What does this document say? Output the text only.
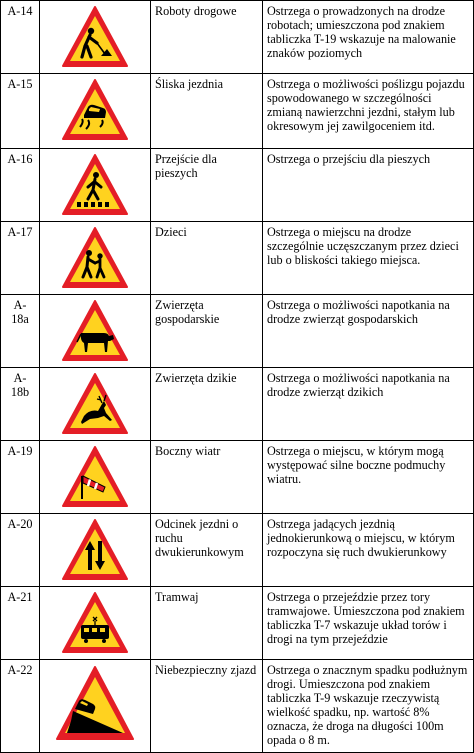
A-14		Roboty drogowe	Ostrzega o prowadzonych na drodze robotach; umieszczona pod znakiem tabliczka T-19 wskazuje na malowanie znaków poziomych
A-15		Śliska jezdnia	Ostrzega o możliwości poślizgu pojazdu spowodowanego w szczególności zmianą nawierzchni jezdni, stałym lub okresowym jej zawilgoceniem itd.
A-16		Przejście dla pieszych	Ostrzega o przejściu dla pieszych
A-17		Dzieci	Ostrzega o miejscu na drodze szczególnie uczęszczanym przez dzieci lub o bliskości takiego miejsca.
A-18a		Zwierzęta gospodarskie	Ostrzega o możliwości napotkania na drodze zwierząt gospodarskich
A-18b		Zwierzęta dzikie	Ostrzega o możliwości napotkania na drodze zwierząt dzikich
A-19		Boczny wiatr	Ostrzega o miejscu, w którym mogą występować silne boczne podmuchy wiatru.
A-20		Odcinek jezdni o ruchu dwukierunkowym	Ostrzega jadących jezdnią jednokierunkową o miejscu, w którym rozpoczyna się ruch dwukierunkowy
A-21		Tramwaj	Ostrzega o przejeździe przez tory tramwajowe. Umieszczona pod znakiem tabliczka T-7 wskazuje układ torów i drogi na tym przejeździe
A-22		Niebezpieczny zjazd	Ostrzega o znacznym spadku podłużnym drogi. Umieszczona pod znakiem tabliczka T-9 wskazuje rzeczywistą wielkość spadku, np. wartość 8% oznacza, że droga na długości 100m opada o 8 m.
